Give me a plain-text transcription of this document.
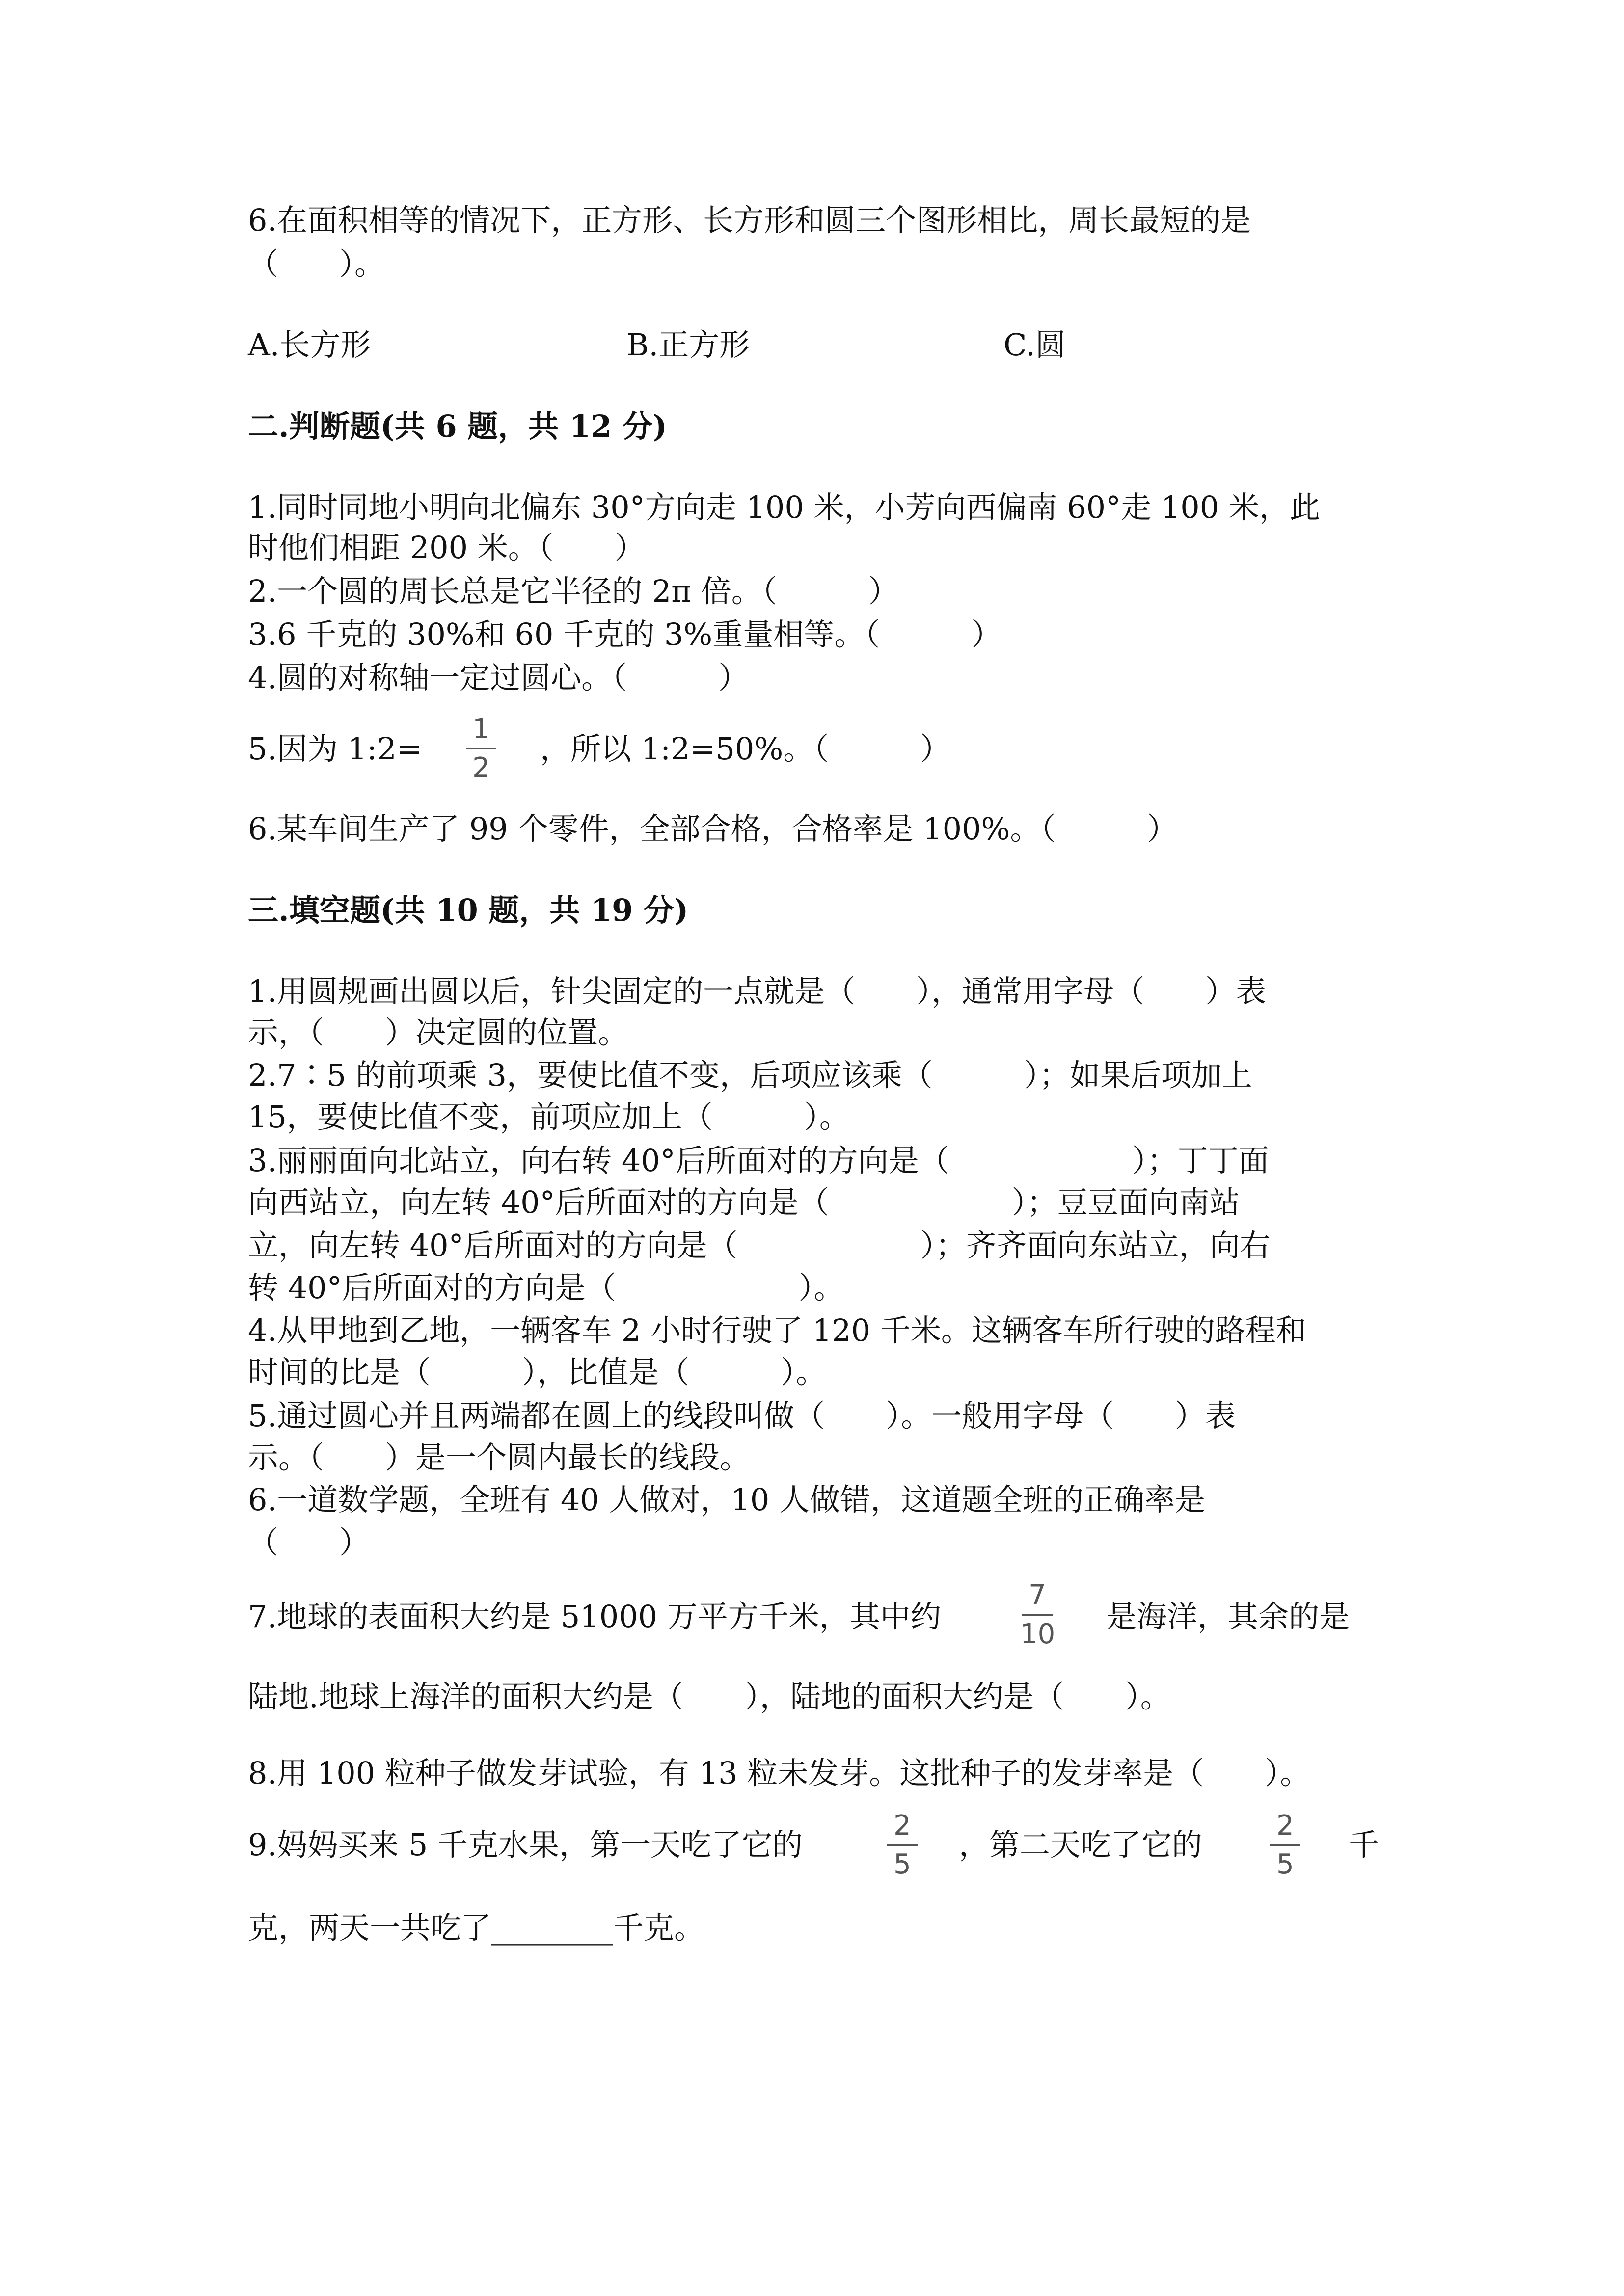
6.在面积相等的情况下，正方形、长方形和圆三个图形相比，周长最短的是

（　　）。

A.长方形	B.正方形	C.圆

二.判断题(共 6 题，共 12 分)

1.同时同地小明向北偏东 30°方向走 100 米，小芳向西偏南 60°走 100 米，此

时他们相距 200 米。（　　）

2.一个圆的周长总是它半径的 2π 倍。（　　　）

3.6 千克的 30%和 60 千克的 3%重量相等。（　　　）

4.圆的对称轴一定过圆心。（　　　）

5.因为 1:2=

1
2

，所以 1:2=50%。（　　　）

6.某车间生产了 99 个零件，全部合格，合格率是 100%。（　　　）

三.填空题(共 10 题，共 19 分)

1.用圆规画出圆以后，针尖固定的一点就是（　　），通常用字母（　　）表

示，（　　）决定圆的位置。

2.7∶5 的前项乘 3，要使比值不变，后项应该乘（　　　）；如果后项加上

15，要使比值不变，前项应加上（　　　）。

3.丽丽面向北站立，向右转 40°后所面对的方向是（　　　　　　）；丁丁面

向西站立，向左转 40°后所面对的方向是（　　　　　　）；豆豆面向南站

立，向左转 40°后所面对的方向是（　　　　　　）；齐齐面向东站立，向右

转 40°后所面对的方向是（　　　　　　）。

4.从甲地到乙地，一辆客车 2 小时行驶了 120 千米。这辆客车所行驶的路程和

时间的比是（　　　），比值是（　　　）。

5.通过圆心并且两端都在圆上的线段叫做（　　）。一般用字母（　　）表

示。（　　）是一个圆内最长的线段。

6.一道数学题，全班有 40 人做对，10 人做错，这道题全班的正确率是

（　　）

7.地球的表面积大约是 51000 万平方千米，其中约

7
10 是海洋，其余的是

陆地.地球上海洋的面积大约是（　　），陆地的面积大约是（　　）。

8.用 100 粒种子做发芽试验，有 13 粒未发芽。这批种子的发芽率是（　　）。

9.妈妈买来 5 千克水果，第一天吃了它的

2
5

，第二天吃了它的

2
5

千

克，两天一共吃了________千克。
